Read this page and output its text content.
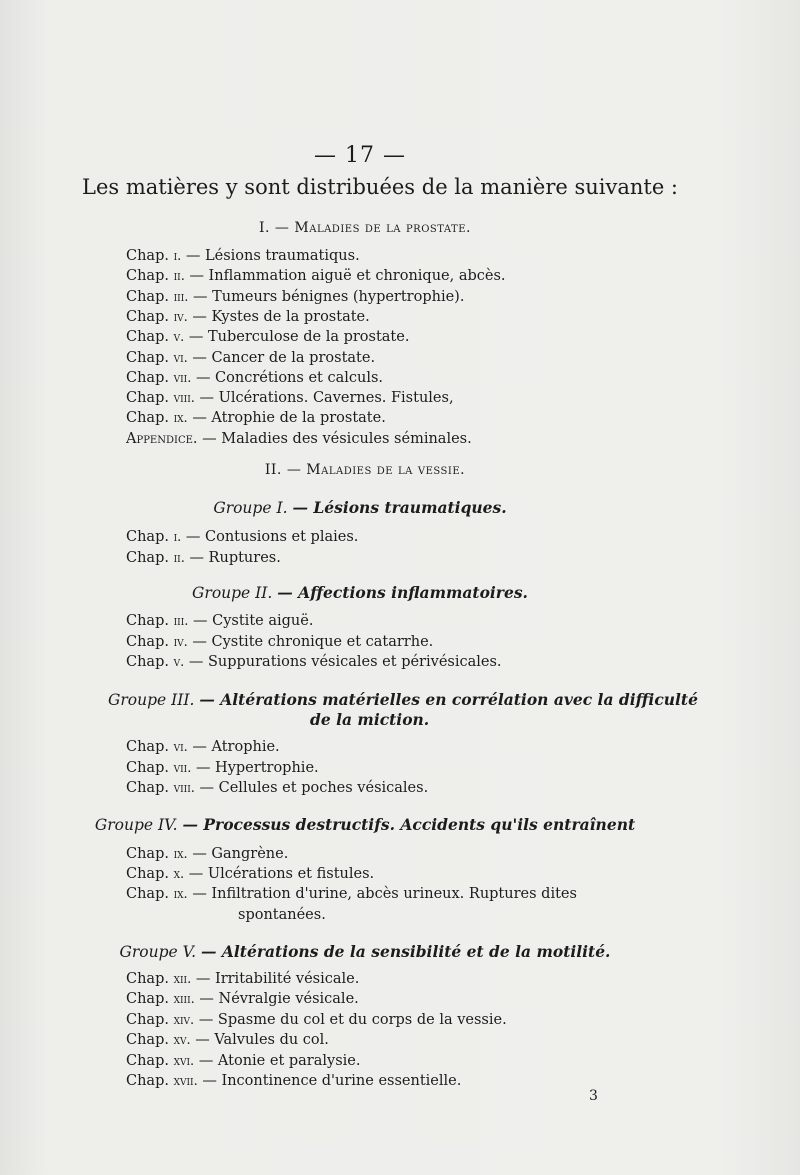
— 17 —
Les matières y sont distribuées de la manière suivante :
I. — Maladies de la prostate.
Chap. i. — Lésions traumatiqus.
Chap. ii. — Inflammation aiguë et chronique, abcès.
Chap. iii. — Tumeurs bénignes (hypertrophie).
Chap. iv. — Kystes de la prostate.
Chap. v. — Tuberculose de la prostate.
Chap. vi. — Cancer de la prostate.
Chap. vii. — Concrétions et calculs.
Chap. viii. — Ulcérations. Cavernes. Fistules,
Chap. ix. — Atrophie de la prostate.
Appendice. — Maladies des vésicules séminales.
II. — Maladies de la vessie.
Groupe I. — Lésions traumatiques.
Chap. i. — Contusions et plaies.
Chap. ii. — Ruptures.
Groupe II. — Affections inflammatoires.
Chap. iii. — Cystite aiguë.
Chap. iv. — Cystite chronique et catarrhe.
Chap. v. — Suppurations vésicales et périvésicales.
Groupe III. — Altérations matérielles en corrélation avec la difficulté
de la miction.
Chap. vi. — Atrophie.
Chap. vii. — Hypertrophie.
Chap. viii. — Cellules et poches vésicales.
Groupe IV. — Processus destructifs. Accidents qu'ils entraînent
Chap. ix. — Gangrène.
Chap. x. — Ulcérations et fistules.
Chap. ix. — Infiltration d'urine, abcès urineux. Ruptures dites
spontanées.
Groupe V. — Altérations de la sensibilité et de la motilité.
Chap. xii. — Irritabilité vésicale.
Chap. xiii. — Névralgie vésicale.
Chap. xiv. — Spasme du col et du corps de la vessie.
Chap. xv. — Valvules du col.
Chap. xvi. — Atonie et paralysie.
Chap. xvii. — Incontinence d'urine essentielle.
3
